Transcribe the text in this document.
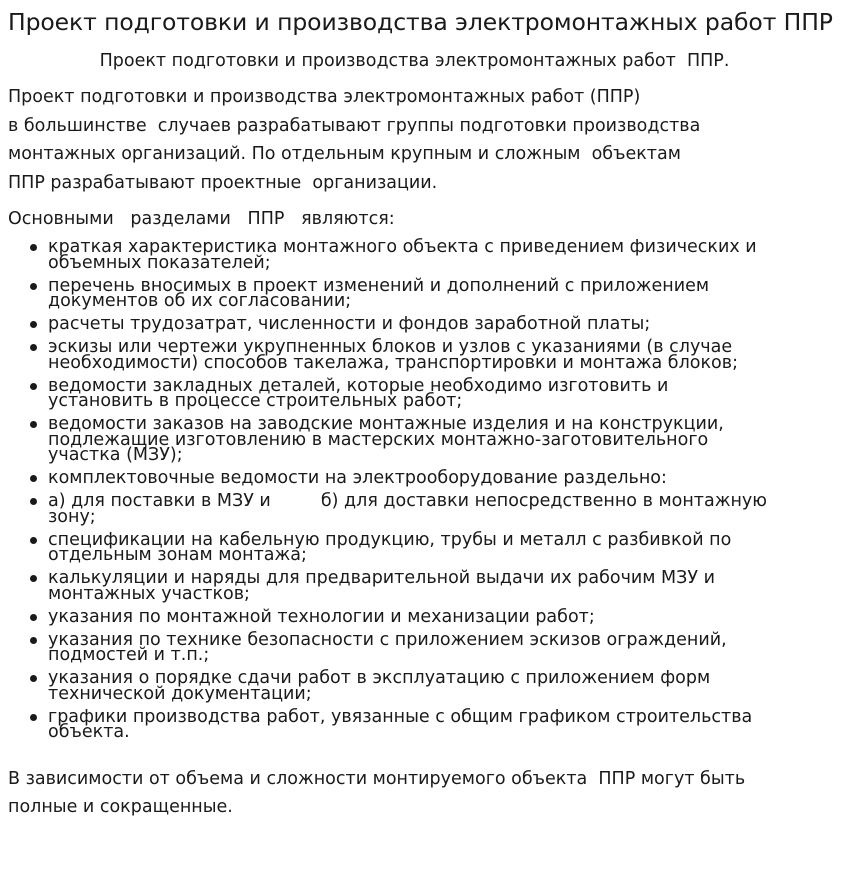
Проект подготовки и производства электромонтажных работ ППР
Проект подготовки и производства электромонтажных работ  ППР.

Проект подготовки и производства электромонтажных работ (ППР)
в большинстве  случаев разрабатывают группы подготовки производства
монтажных организаций. По отдельным крупным и сложным  объектам
ППР разрабатывают проектные  организации.

Основными   разделами   ППР   являются:
краткая характеристика монтажного объекта с приведением физических и
объемных показателей;
перечень вносимых в проект изменений и дополнений с приложением
документов об их согласовании;
расчеты трудозатрат, численности и фондов заработной платы;
эскизы или чертежи укрупненных блоков и узлов с указаниями (в случае
необходимости) способов такелажа, транспортировки и монтажа блоков;
ведомости закладных деталей, которые необходимо изготовить и
установить в процессе строительных работ;
ведомости заказов на заводские монтажные изделия и на конструкции,
подлежащие изготовлению в мастерских монтажно-заготовительного
участка (МЗУ);
комплектовочные ведомости на электрооборудование раздельно:
а) для поставки в МЗУ и         б) для доставки непосредственно в монтажную
зону;
спецификации на кабельную продукцию, трубы и металл с разбивкой по
отдельным зонам монтажа;
калькуляции и наряды для предварительной выдачи их рабочим МЗУ и
монтажных участков;
указания по монтажной технологии и механизации работ;
указания по технике безопасности с приложением эскизов ограждений,
подмостей и т.п.;
указания о порядке сдачи работ в эксплуатацию с приложением форм
технической документации;
графики производства работ, увязанные с общим графиком строительства
объекта.

В зависимости от объема и сложности монтируемого объекта  ППР могут быть
полные и сокращенные.
